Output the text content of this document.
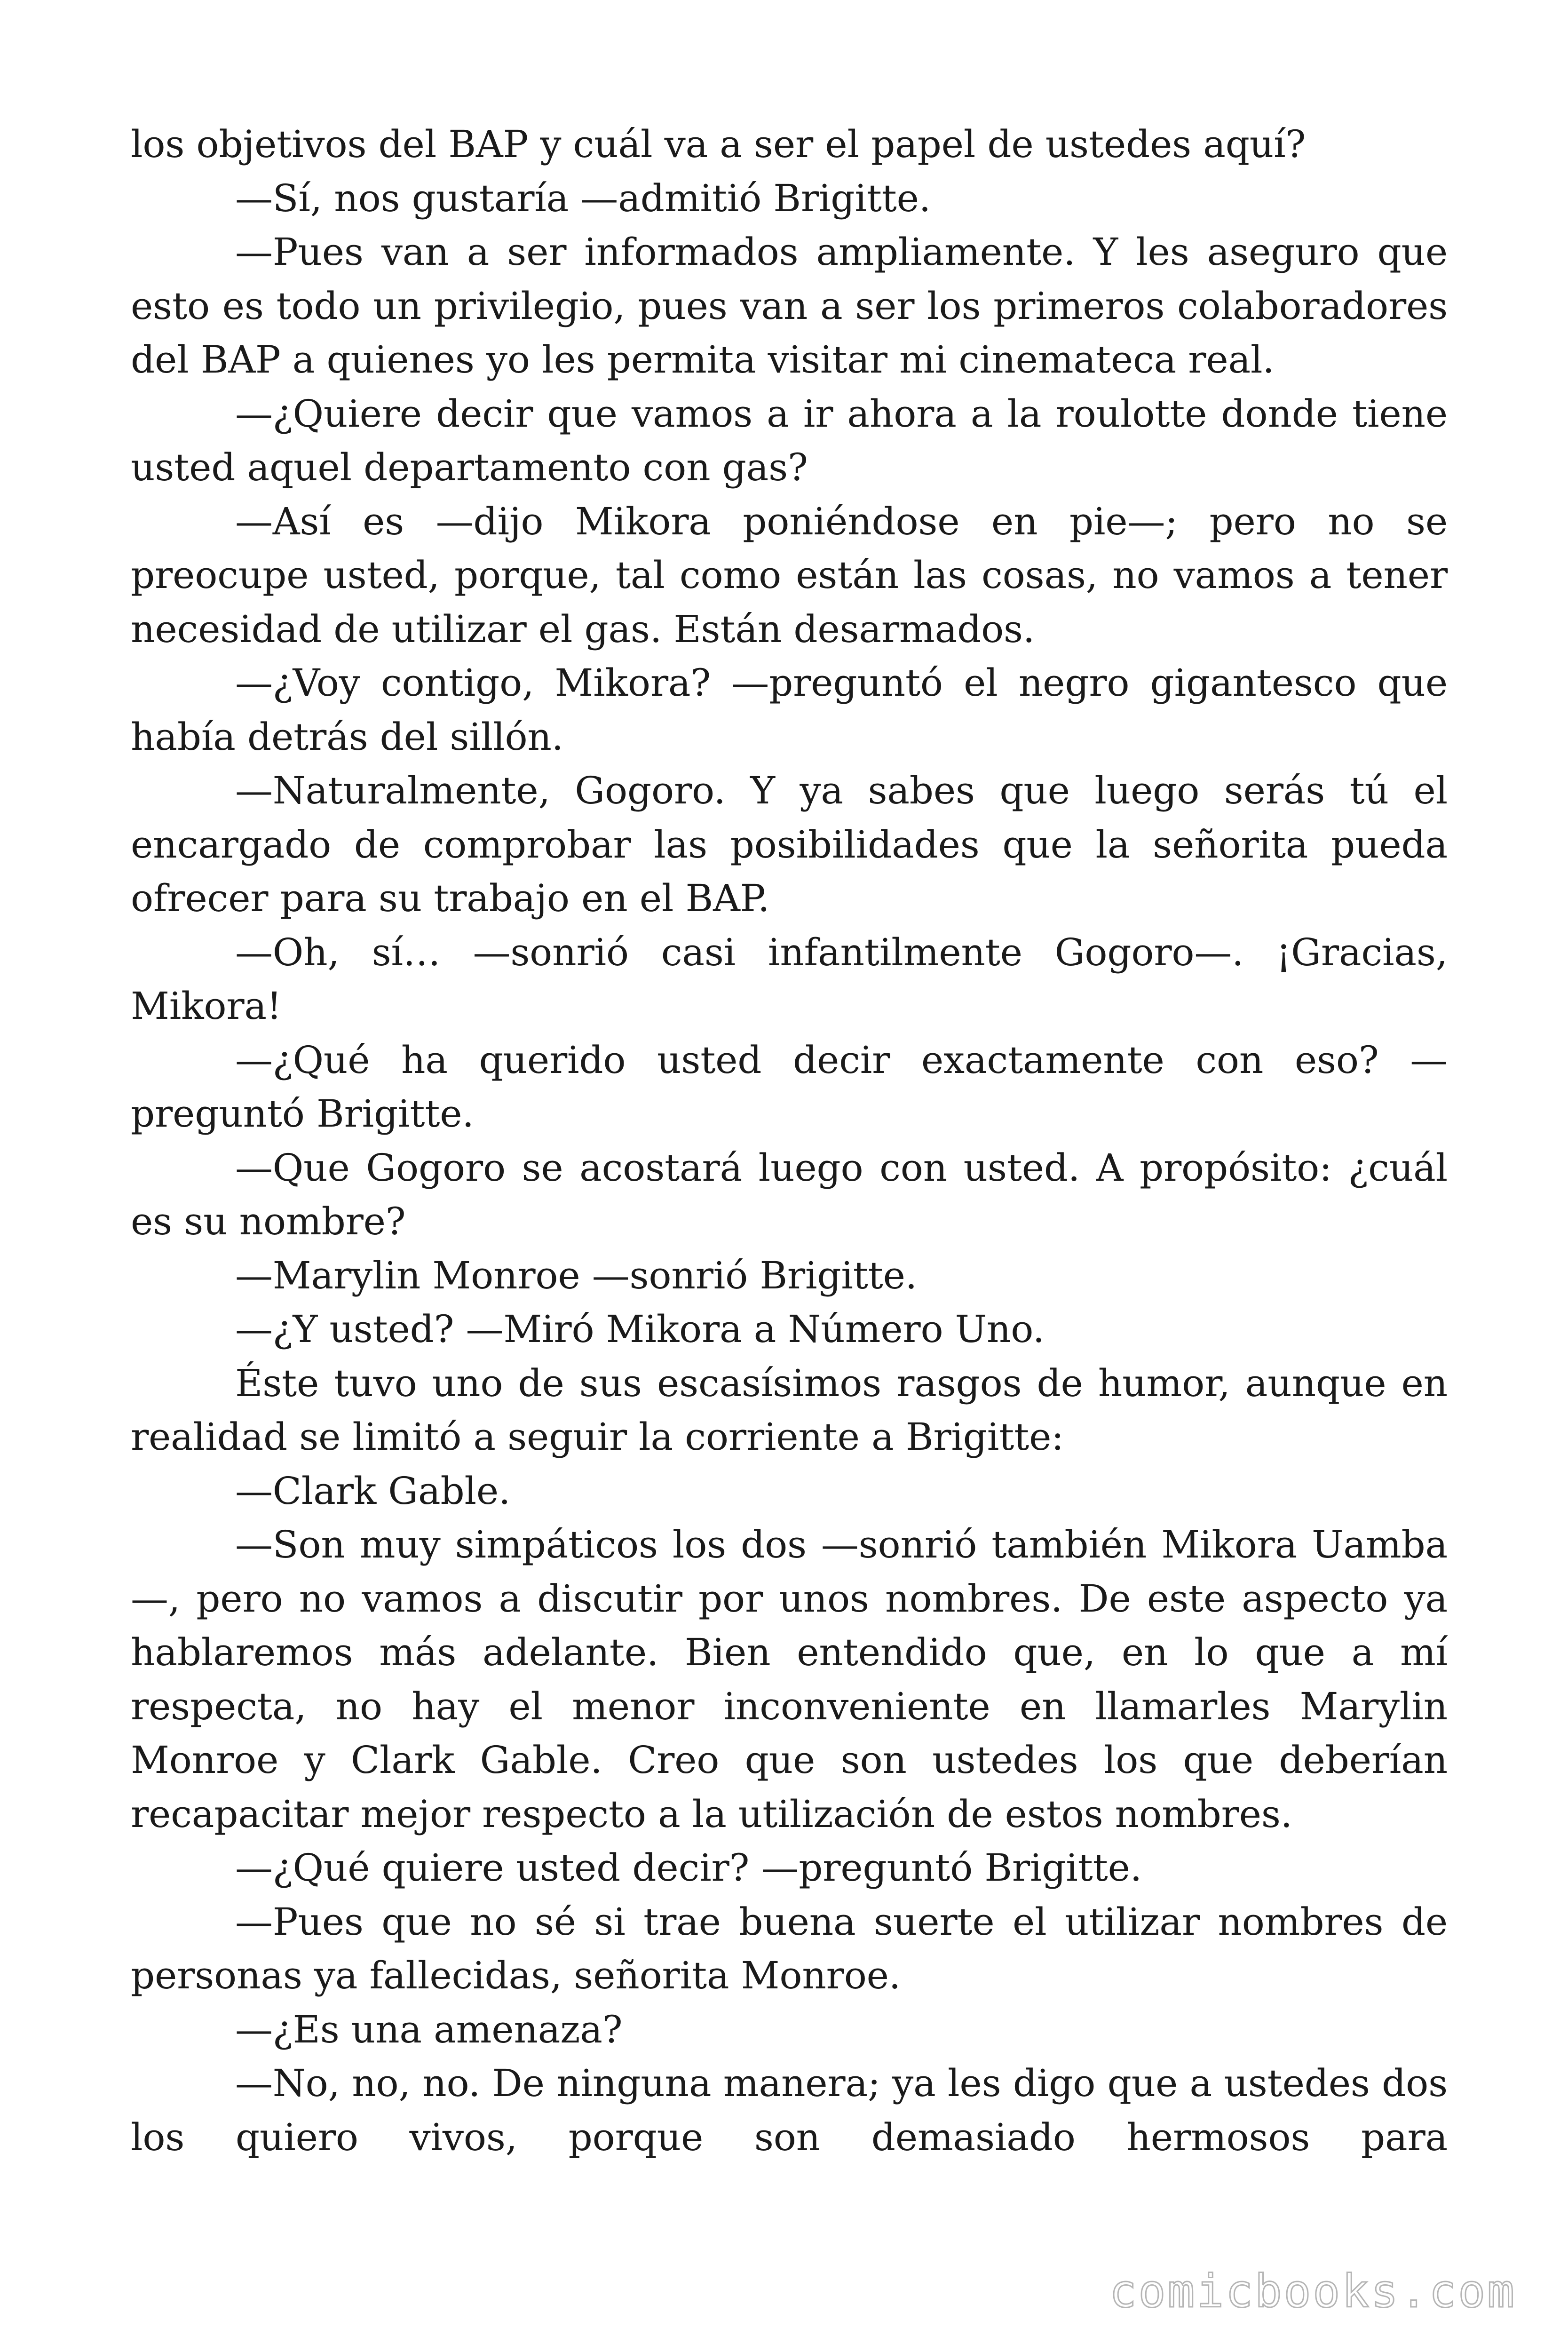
los objetivos del BAP y cuál va a ser el papel de ustedes aquí?

—Sí, nos gustaría —admitió Brigitte.

—Pues van a ser informados ampliamente. Y les aseguro que esto es todo un privilegio, pues van a ser los primeros colaboradores del BAP a quienes yo les permita visitar mi cinemateca real.

—¿Quiere decir que vamos a ir ahora a la roulotte donde tiene usted aquel departamento con gas?

—Así es —dijo Mikora poniéndose en pie—; pero no se preocupe usted, porque, tal como están las cosas, no vamos a tener necesidad de utilizar el gas. Están desarmados.

—¿Voy contigo, Mikora? —preguntó el negro gigantesco que había detrás del sillón.

—Naturalmente, Gogoro. Y ya sabes que luego serás tú el encargado de comprobar las posibilidades que la señorita pueda ofrecer para su trabajo en el BAP.

—Oh, sí… —sonrió casi infantilmente Gogoro—. ¡Gracias, Mikora!

—¿Qué ha querido usted decir exactamente con eso? —preguntó Brigitte.

—Que Gogoro se acostará luego con usted. A propósito: ¿cuál es su nombre?

—Marylin Monroe —sonrió Brigitte.

—¿Y usted? —Miró Mikora a Número Uno.

Éste tuvo uno de sus escasísimos rasgos de humor, aunque en realidad se limitó a seguir la corriente a Brigitte:

—Clark Gable.

—Son muy simpáticos los dos —sonrió también Mikora Uamba —, pero no vamos a discutir por unos nombres. De este aspecto ya hablaremos más adelante. Bien entendido que, en lo que a mí respecta, no hay el menor inconveniente en llamarles Marylin Monroe y Clark Gable. Creo que son ustedes los que deberían recapacitar mejor respecto a la utilización de estos nombres.

—¿Qué quiere usted decir? —preguntó Brigitte.

—Pues que no sé si trae buena suerte el utilizar nombres de personas ya fallecidas, señorita Monroe.

—¿Es una amenaza?

—No, no, no. De ninguna manera; ya les digo que a ustedes dos los quiero vivos, porque son demasiado hermosos para

comicbooks.com
